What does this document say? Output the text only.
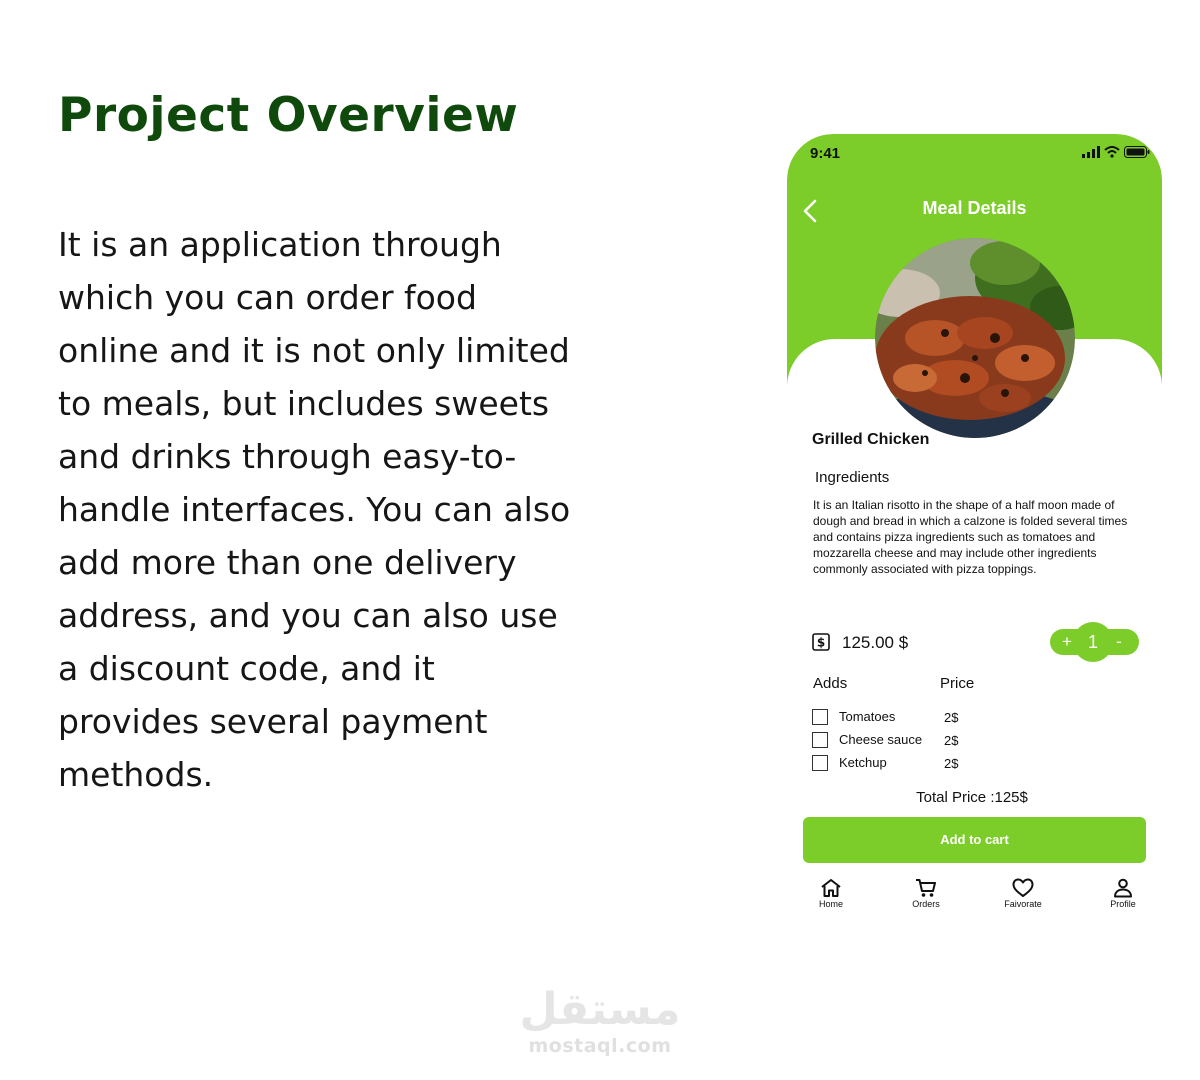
Project Overview
It is an application through which you can order food online and it is not only limited to meals, but includes sweets and drinks through easy-to-handle interfaces. You can also add more than one delivery address, and you can also use a discount code, and it provides several payment methods.
9:41
Meal Details
Grilled Chicken
Ingredients
It is an Italian risotto in the shape of a half moon made of dough and bread in which a calzone is folded several times and contains pizza ingredients such as tomatoes and mozzarella cheese and may include other ingredients commonly associated with pizza toppings.
$ 125.00 $	+	-
1
Adds	Price
Tomatoes	2$
Cheese sauce 2$
Ketchup	2$
Total Price :125$
Add to cart
Home	Orders	Faivorate	Profile
مستقل
mostaql.com
